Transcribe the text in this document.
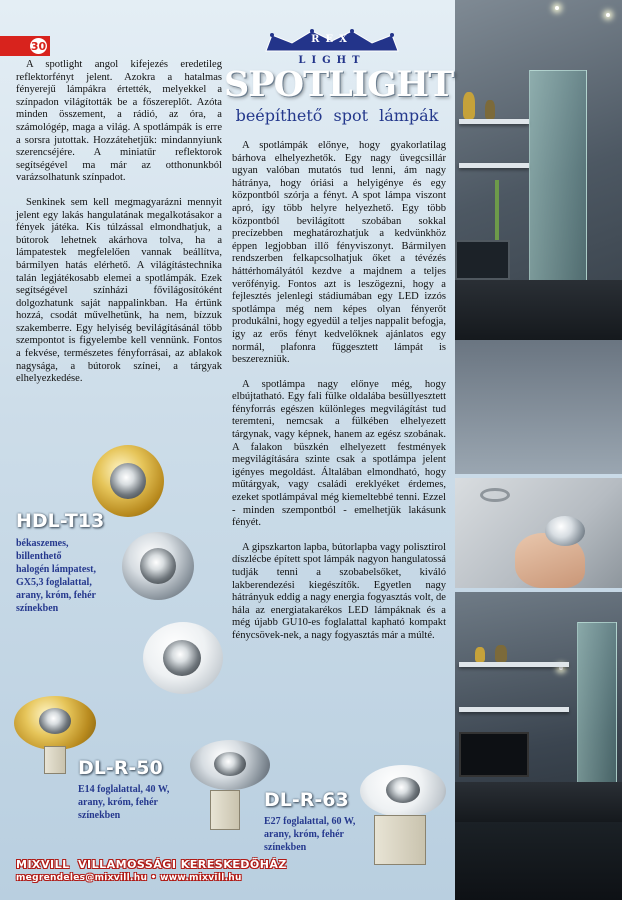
30
REX
LIGHT
SPOTLIGHT
beépíthető spot lámpák

A spotlight angol kifejezés eredetileg reflektorfényt jelent. Azokra a hatalmas fényerejű lámpákra értették, melyekkel a színpadon világították be a főszereplőt. Azóta minden összement, a rádió, az óra, a számológép, maga a világ. A spotlámpák is erre a sorsra jutottak. Hozzátehetjük: mindannyiunk szerencséjére. A miniatűr reflektorok segítségével ma már az otthonunkból varázsolhatunk színpadot.

Senkinek sem kell megmagyarázni mennyit jelent egy lakás hangulatának megalkotásakor a fények játéka. Kis túlzással elmondhatjuk, a bútorok lehetnek akárhova tolva, ha a lámpatestek megfelelően vannak beállítva, bármilyen hatás elérhető. A világítástechnika talán legjátékosabb elemei a spotlámpák. Ezek segítségével színházi fővilágosítóként dolgozhatunk saját nappalinkban. Ha értünk hozzá, csodát művelhetünk, ha nem, bízzuk szakemberre. Egy helyiség bevilágításánál több szempontot is figyelembe kell vennünk. Fontos a fekvése, természetes fényforrásai, az ablakok nagysága, a bútorok színei, a tárgyak elhelyezkedése.

A spotlámpák előnye, hogy gyakorlatilag bárhova elhelyezhetők. Egy nagy üvegcsillár ugyan valóban mutatós tud lenni, ám nagy hátránya, hogy óriási a helyigénye és egy központból szórja a fényt. A spot lámpa viszont apró, így több helyre helyezhető. Egy több központból bevilágított szobában sokkal precízebben meghatározhatjuk a kedvünkhöz éppen legjobban illő fényviszonyt. Bármilyen rendszerben felkapcsolhatjuk őket a tévézés háttérhomályától kezdve a majdnem a teljes verőfényig. Fontos azt is leszögezni, hogy a fejlesztés jelenlegi stádiumában egy LED izzós spotlámpa még nem képes olyan fényerőt produkálni, hogy egyedül a teljes nappalit befogja, így az erős fényt kedvelőknek ajánlatos egy normál, plafonra függesztett lámpát is beszerezniük.

A spotlámpa nagy előnye még, hogy elbújtatható. Egy fali fülke oldalába besüllyesztett fényforrás egészen különleges megvilágítást tud teremteni, nemcsak a fülkében elhelyezett tárgynak, vagy képnek, hanem az egész szobának. A falakon büszkén elhelyezett festmények megvilágítására szinte csak a spotlámpa jelent igényes megoldást. Általában elmondható, hogy műtárgyak, vagy családi ereklyéket érdemes, ezeket spotlámpával még kiemeltebbé tenni. Ezzel - minden szempontból - emelhetjük lakásunk fényét.

A gipszkarton lapba, bútorlapba vagy polisztirol díszlécbe épített spot lámpák nagyon hangulatossá tudják tenni a szobabelsőket, kiváló lakberendezési kiegészítők. Egyetlen nagy hátrányuk eddig a nagy energia fogyasztás volt, de hála az energiatakarékos LED lámpáknak és a még újabb GU10-es foglalattal kapható kompakt fénycsövek-nek, a nagy fogyasztás már a múlté.

HDL-T13
békaszemes,
billenthető
halogén lámpatest,
GX5,3 foglalattal,
arany, króm, fehér
színekben
DL-R-50
E14 foglalattal, 40 W,
arany, króm, fehér
színekben
DL-R-63
E27 foglalattal, 60 W,
arany, króm, fehér
színekben
MIXVILL VILLAMOSSÁGI KERESKEDŐHÁZ
megrendeles@mixvill.hu • www.mixvill.hu
